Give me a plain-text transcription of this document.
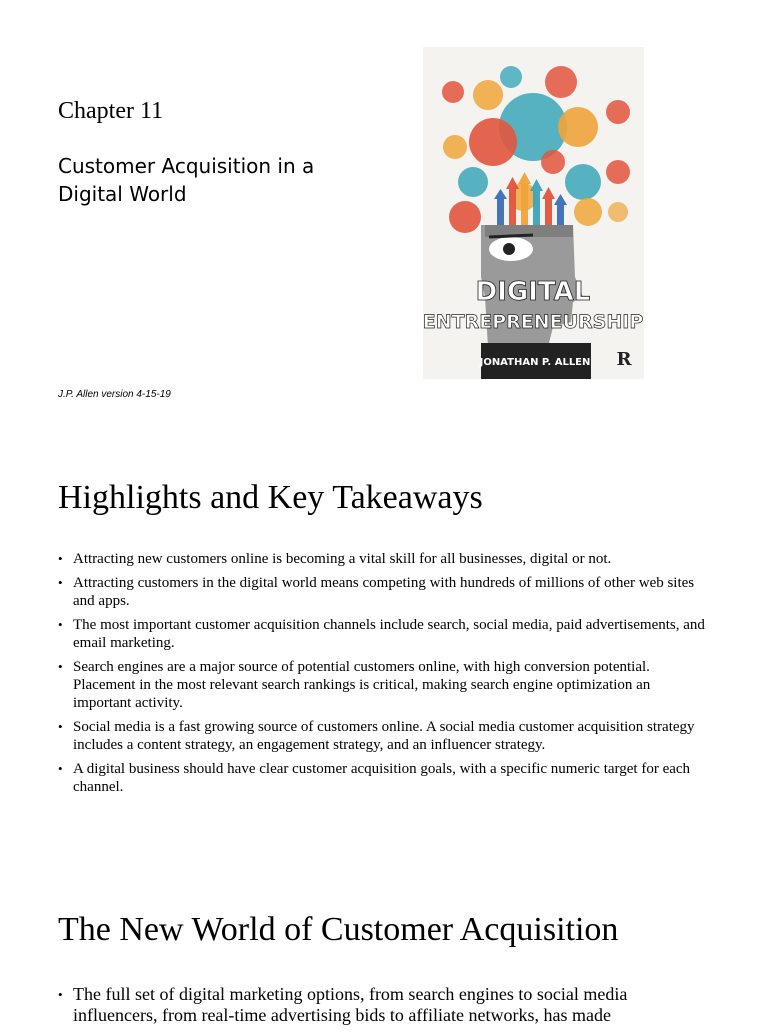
Chapter 11
Customer Acquisition in a Digital World
J.P. Allen version 4-15-19
DIGITAL
ENTREPRENEURSHIP
JONATHAN P. ALLEN R
Highlights and Key Takeaways
• Attracting new customers online is becoming a vital skill for all businesses, digital or not.
• Attracting customers in the digital world means competing with hundreds of millions of other web sites and apps.
• The most important customer acquisition channels include search, social media, paid advertisements, and email marketing.
• Search engines are a major source of potential customers online, with high conversion potential. Placement in the most relevant search rankings is critical, making search engine optimization an important activity.
• Social media is a fast growing source of customers online. A social media customer acquisition strategy includes a content strategy, an engagement strategy, and an influencer strategy.
• A digital business should have clear customer acquisition goals, with a specific numeric target for each channel.
The New World of Customer Acquisition
• The full set of digital marketing options, from search engines to social media influencers, from real-time advertising bids to affiliate networks, has made
